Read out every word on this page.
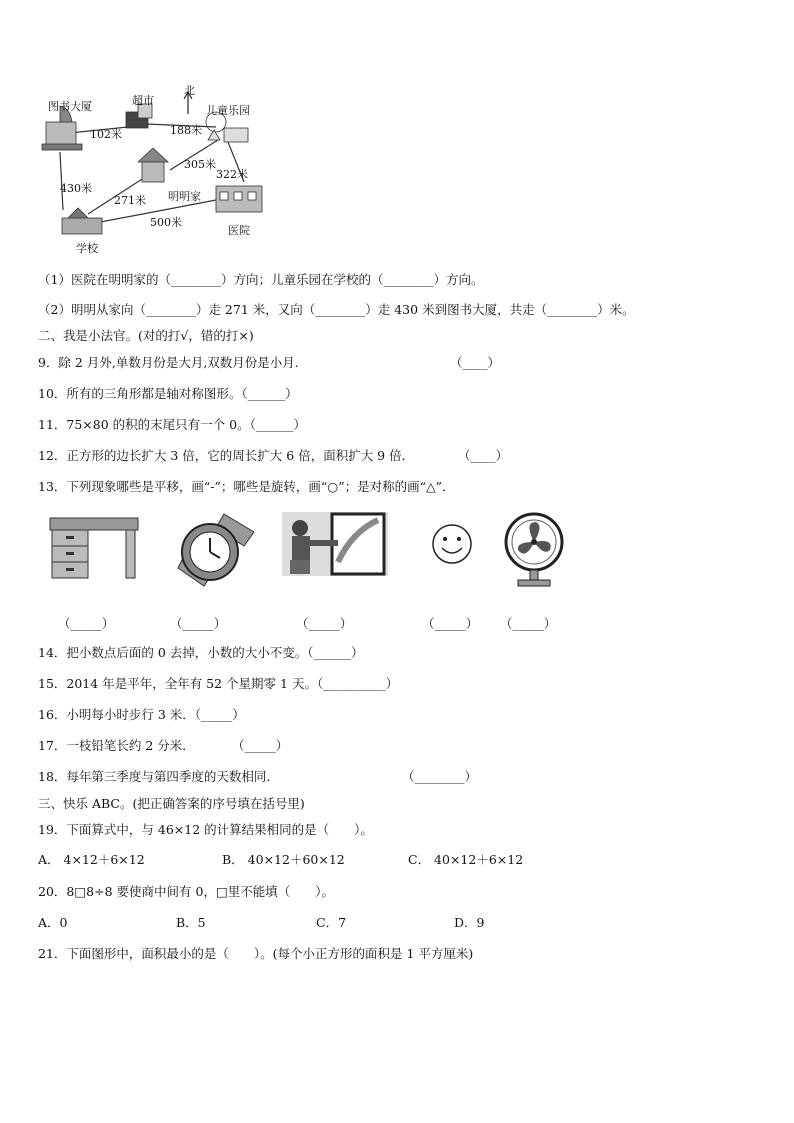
图书大厦	超市
北
儿童乐园
102米	188米
305米
322米
明明家
430米
271米
500米
医院
学校
（1）医院在明明家的（________）方向；儿童乐园在学校的（________）方向。
（2）明明从家向（________）走 271 米，又向（________）走 430 米到图书大厦，共走（________）米。
二、我是小法官。(对的打√，错的打×)
9．除 2 月外,单数月份是大月,双数月份是小月.	（____）
10．所有的三角形都是轴对称图形。（______）
11．75×80 的积的末尾只有一个 0。（______）
12．正方形的边长扩大 3 倍，它的周长扩大 6 倍，面积扩大 9 倍．	（____）
13．下列现象哪些是平移，画“-”；哪些是旋转，画“○”；是对称的画“△”．
（_____）	（_____）	（_____）	（_____） （_____）
14．把小数点后面的 0 去掉，小数的大小不变。（______）
15．2014 年是平年，全年有 52 个星期零 1 天。（__________）
16．小明每小时步行 3 米．（_____）
17．一枝铅笔长约 2 分米．	（_____）
18．每年第三季度与第四季度的天数相同．	（________）
三、快乐 ABC。(把正确答案的序号填在括号里)
19．下面算式中，与 46×12 的计算结果相同的是（　　）。
A． 4×12＋6×12	B． 40×12＋60×12	C． 40×12＋6×12
20．8□8÷8 要使商中间有 0，□里不能填（　　）。
A．0	B．5	C．7	D．9
21．下面图形中，面积最小的是（　　）。(每个小正方形的面积是 1 平方厘米)
